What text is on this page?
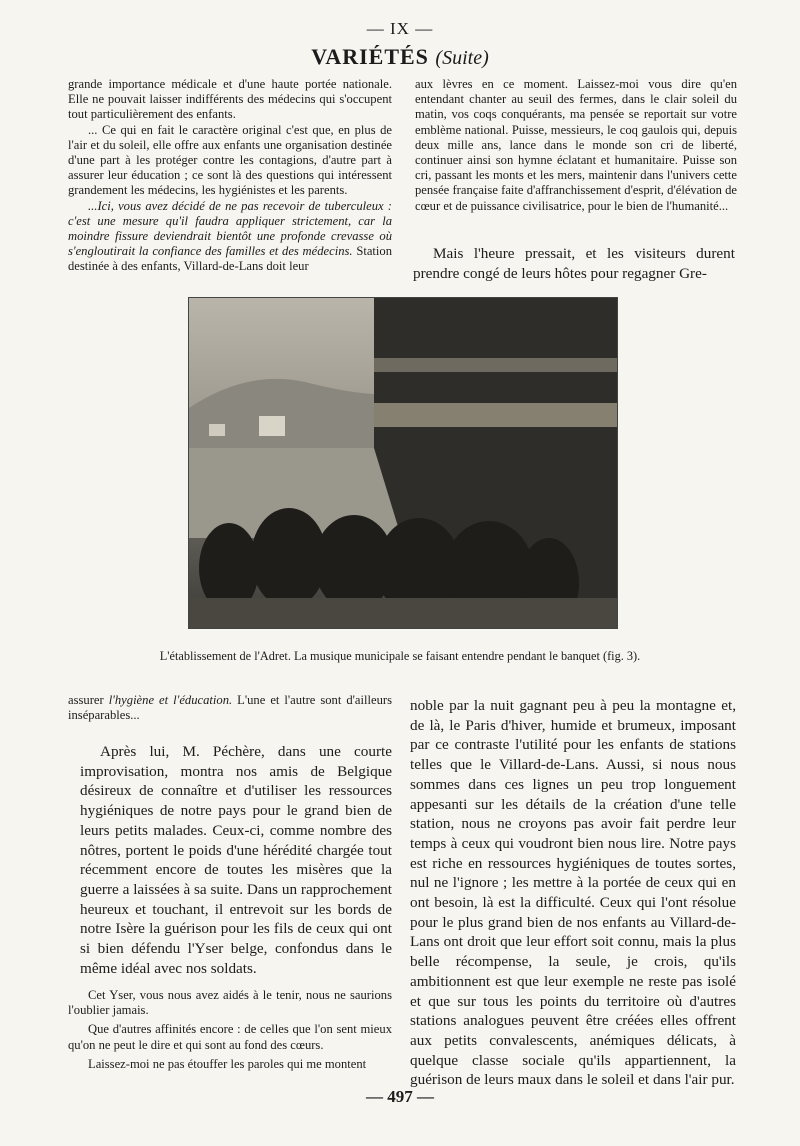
— IX —
VARIÉTÉS (Suite)

grande importance médicale et d'une haute portée nationale. Elle ne pouvait laisser indifférents des médecins qui s'occupent tout particulièrement des enfants.

... Ce qui en fait le caractère original c'est que, en plus de l'air et du soleil, elle offre aux enfants une organisation destinée d'une part à les protéger contre les contagions, d'autre part à assurer leur éducation ; ce sont là des questions qui intéressent grandement les médecins, les hygiénistes et les parents.

...Ici, vous avez décidé de ne pas recevoir de tuberculeux : c'est une mesure qu'il faudra appliquer strictement, car la moindre fissure deviendrait bientôt une profonde crevasse où s'engloutirait la confiance des familles et des médecins. Station destinée à des enfants, Villard-de-Lans doit leur

aux lèvres en ce moment. Laissez-moi vous dire qu'en entendant chanter au seuil des fermes, dans le clair soleil du matin, vos coqs conquérants, ma pensée se reportait sur votre emblème national. Puisse, messieurs, le coq gaulois qui, depuis deux mille ans, lance dans le monde son cri de liberté, continuer ainsi son hymne éclatant et humanitaire. Puisse son cri, passant les monts et les mers, maintenir dans l'univers cette pensée française faite d'affranchissement d'esprit, d'élévation de cœur et de puissance civilisatrice, pour le bien de l'humanité...

Mais l'heure pressait, et les visiteurs durent prendre congé de leurs hôtes pour regagner Gre-

L'établissement de l'Adret. La musique municipale se faisant entendre pendant le banquet (fig. 3).

assurer l'hygiène et l'éducation. L'une et l'autre sont d'ailleurs inséparables...

Après lui, M. Péchère, dans une courte improvisation, montra nos amis de Belgique désireux de connaître et d'utiliser les ressources hygiéniques de notre pays pour le grand bien de leurs petits malades. Ceux-ci, comme nombre des nôtres, portent le poids d'une hérédité chargée tout récemment encore de toutes les misères que la guerre a laissées à sa suite. Dans un rapprochement heureux et touchant, il entrevoit sur les bords de notre Isère la guérison pour les fils de ceux qui ont si bien défendu l'Yser belge, confondus dans le même idéal avec nos soldats.

Cet Yser, vous nous avez aidés à le tenir, nous ne saurions l'oublier jamais.

Que d'autres affinités encore : de celles que l'on sent mieux qu'on ne peut le dire et qui sont au fond des cœurs.

Laissez-moi ne pas étouffer les paroles qui me montent

noble par la nuit gagnant peu à peu la montagne et, de là, le Paris d'hiver, humide et brumeux, imposant par ce contraste l'utilité pour les enfants de stations telles que le Villard-de-Lans. Aussi, si nous nous sommes dans ces lignes un peu trop longuement appesanti sur les détails de la création d'une telle station, nous ne croyons pas avoir fait perdre leur temps à ceux qui voudront bien nous lire. Notre pays est riche en ressources hygiéniques de toutes sortes, nul ne l'ignore ; les mettre à la portée de ceux qui en ont besoin, là est la difficulté. Ceux qui l'ont résolue pour le plus grand bien de nos enfants au Villard-de-Lans ont droit que leur effort soit connu, mais la plus belle récompense, la seule, je crois, qu'ils ambitionnent est que leur exemple ne reste pas isolé et que sur tous les points du territoire où d'autres stations analogues peuvent être créées elles offrent aux petits convalescents, anémiques délicats, à quelque classe sociale qu'ils appartiennent, la guérison de leurs maux dans le soleil et dans l'air pur.

— 497 —
